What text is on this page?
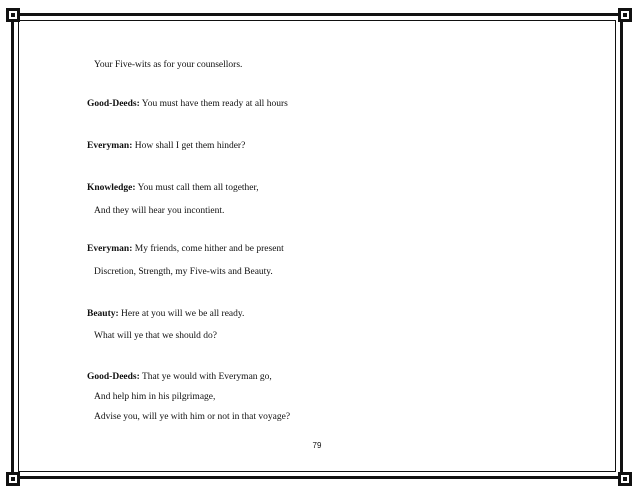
Your Five-wits as for your counsellors.
Good-Deeds: You must have them ready at all hours
Everyman: How shall I get them hinder?
Knowledge: You must call them all together,
And they will hear you incontient.
Everyman: My friends, come hither and be present
Discretion, Strength, my Five-wits and Beauty.
Beauty: Here at you will we be all ready.
What will ye that we should do?
Good-Deeds: That ye would with Everyman go,
And help him in his pilgrimage,
Advise you, will ye with him or not in that voyage?
79
